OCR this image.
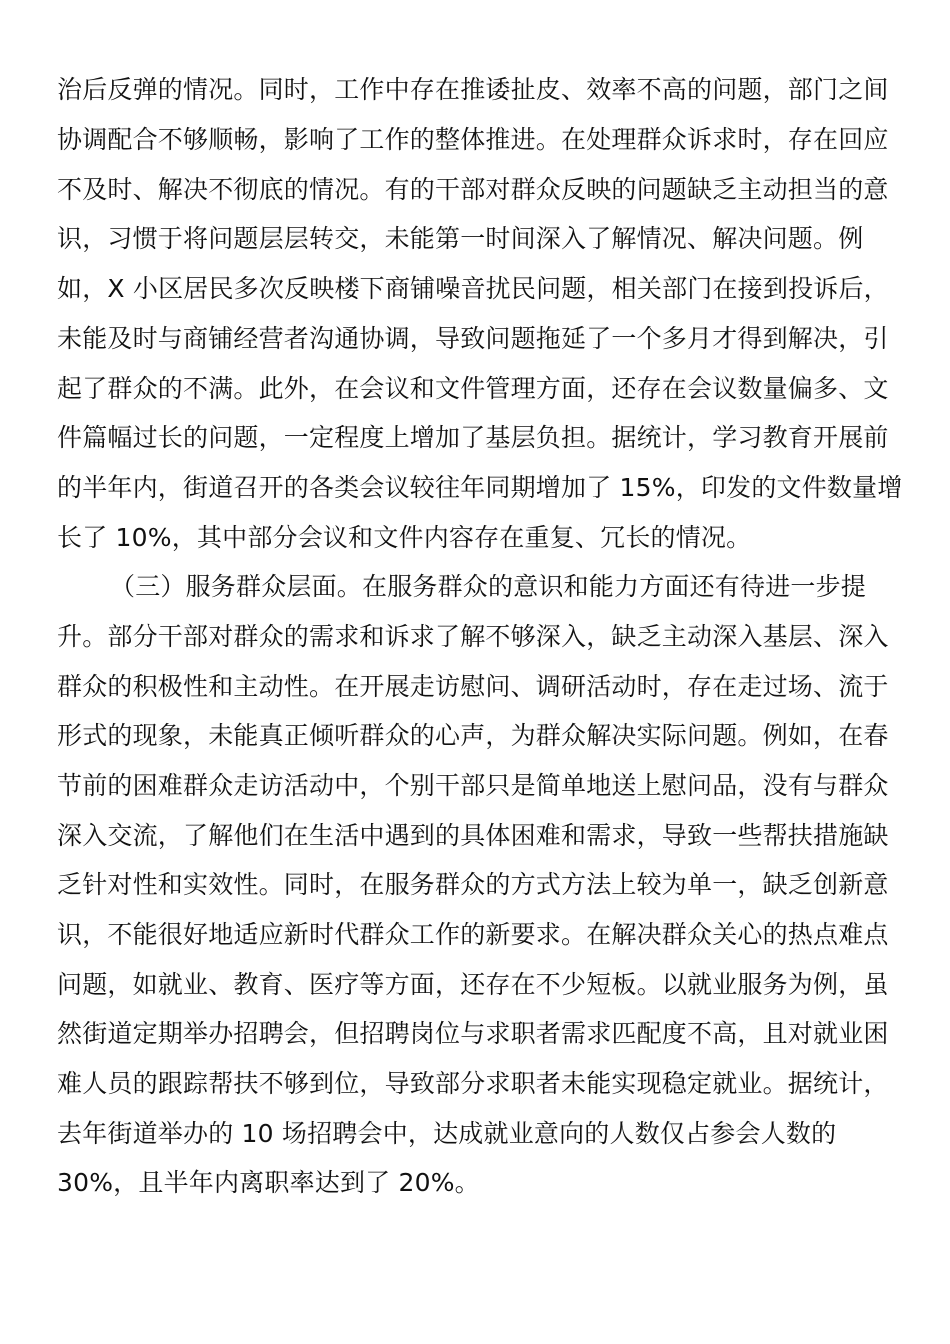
治后反弹的情况。同时，工作中存在推诿扯皮、效率不高的问题，部门之间
协调配合不够顺畅，影响了工作的整体推进。在处理群众诉求时，存在回应
不及时、解决不彻底的情况。有的干部对群众反映的问题缺乏主动担当的意
识，习惯于将问题层层转交，未能第一时间深入了解情况、解决问题。例
如，X 小区居民多次反映楼下商铺噪音扰民问题，相关部门在接到投诉后，
未能及时与商铺经营者沟通协调，导致问题拖延了一个多月才得到解决，引
起了群众的不满。此外，在会议和文件管理方面，还存在会议数量偏多、文
件篇幅过长的问题，一定程度上增加了基层负担。据统计，学习教育开展前
的半年内，街道召开的各类会议较往年同期增加了 15%，印发的文件数量增
长了 10%，其中部分会议和文件内容存在重复、冗长的情况。
（三）服务群众层面。在服务群众的意识和能力方面还有待进一步提
升。部分干部对群众的需求和诉求了解不够深入，缺乏主动深入基层、深入
群众的积极性和主动性。在开展走访慰问、调研活动时，存在走过场、流于
形式的现象，未能真正倾听群众的心声，为群众解决实际问题。例如，在春
节前的困难群众走访活动中，个别干部只是简单地送上慰问品，没有与群众
深入交流，了解他们在生活中遇到的具体困难和需求，导致一些帮扶措施缺
乏针对性和实效性。同时，在服务群众的方式方法上较为单一，缺乏创新意
识，不能很好地适应新时代群众工作的新要求。在解决群众关心的热点难点
问题，如就业、教育、医疗等方面，还存在不少短板。以就业服务为例，虽
然街道定期举办招聘会，但招聘岗位与求职者需求匹配度不高，且对就业困
难人员的跟踪帮扶不够到位，导致部分求职者未能实现稳定就业。据统计，
去年街道举办的 10 场招聘会中，达成就业意向的人数仅占参会人数的
30%，且半年内离职率达到了 20%。
